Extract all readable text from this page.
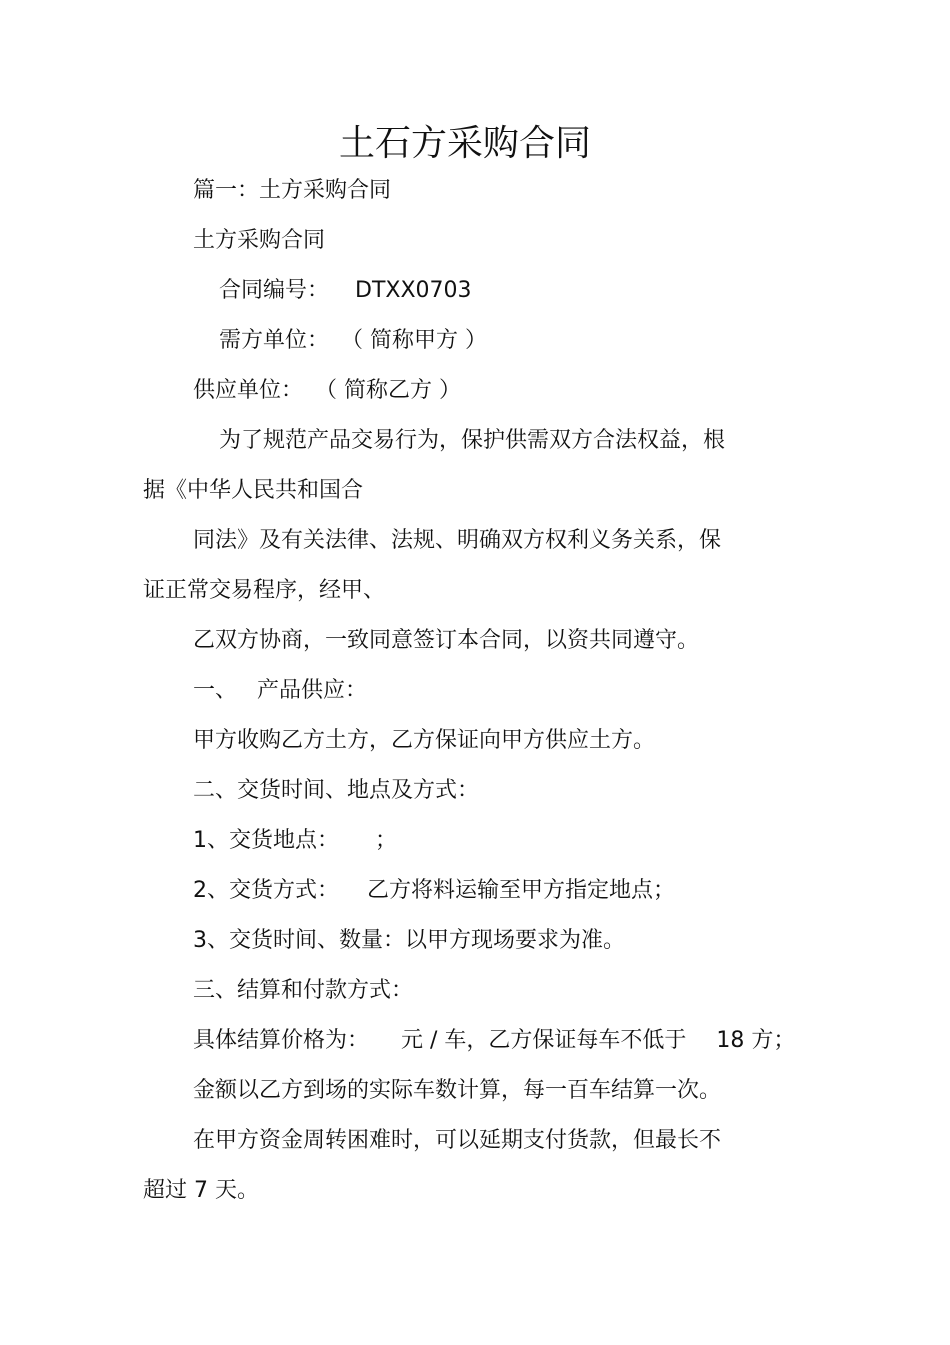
土石方采购合同
篇一：土方采购合同
土方采购合同
合同编号： DTXX0703
需方单位： （ 简称甲方 ）
供应单位： （ 简称乙方 ）
为了规范产品交易行为，保护供需双方合法权益，根
据《中华人民共和国合
同法》及有关法律、法规、明确双方权利义务关系，保
证正常交易程序，经甲、
乙双方协商，一致同意签订本合同，以资共同遵守。
一、 产品供应：
甲方收购乙方土方，乙方保证向甲方供应土方。
二、交货时间、地点及方式：
1、交货地点： ；
2、交货方式： 乙方将料运输至甲方指定地点；
3、交货时间、数量：以甲方现场要求为准。
三、结算和付款方式：
具体结算价格为： 元 / 车，乙方保证每车不低于 18 方；
金额以乙方到场的实际车数计算，每一百车结算一次。
在甲方资金周转困难时，可以延期支付货款，但最长不
超过 7 天。
